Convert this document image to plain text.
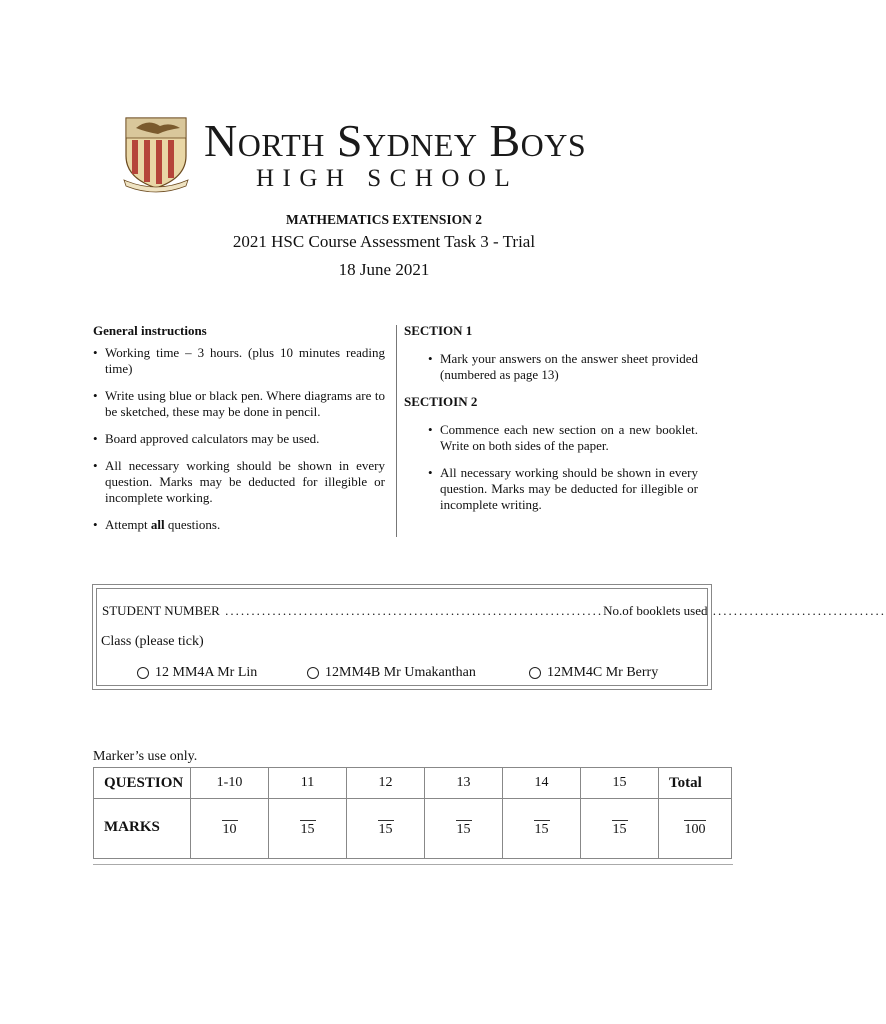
North Sydney Boys
HIGH SCHOOL
MATHEMATICS EXTENSION 2
2021 HSC Course Assessment Task 3 - Trial
18 June 2021
General instructions
• Working time – 3 hours. (plus 10 minutes reading time)
• Write using blue or black pen. Where diagrams are to be sketched, these may be done in pencil.
• Board approved calculators may be used.
• All necessary working should be shown in every question. Marks may be deducted for illegible or incomplete working.
• Attempt all questions.
SECTION 1
• Mark your answers on the answer sheet provided (numbered as page 13)
SECTIOIN 2
• Commence each new section on a new booklet. Write on both sides of the paper.
• All necessary working should be shown in every question. Marks may be deducted for illegible or incomplete writing.
STUDENT NUMBER ........................................................................ No.of booklets used .................................
Class (please tick)
12 MM4A Mr Lin	12MM4B Mr Umakanthan	12MM4C Mr Berry
Marker’s use only.
QUESTION	1-10	11	12	13	14	15	Total
MARKS	10	15	15	15	15	15	100
